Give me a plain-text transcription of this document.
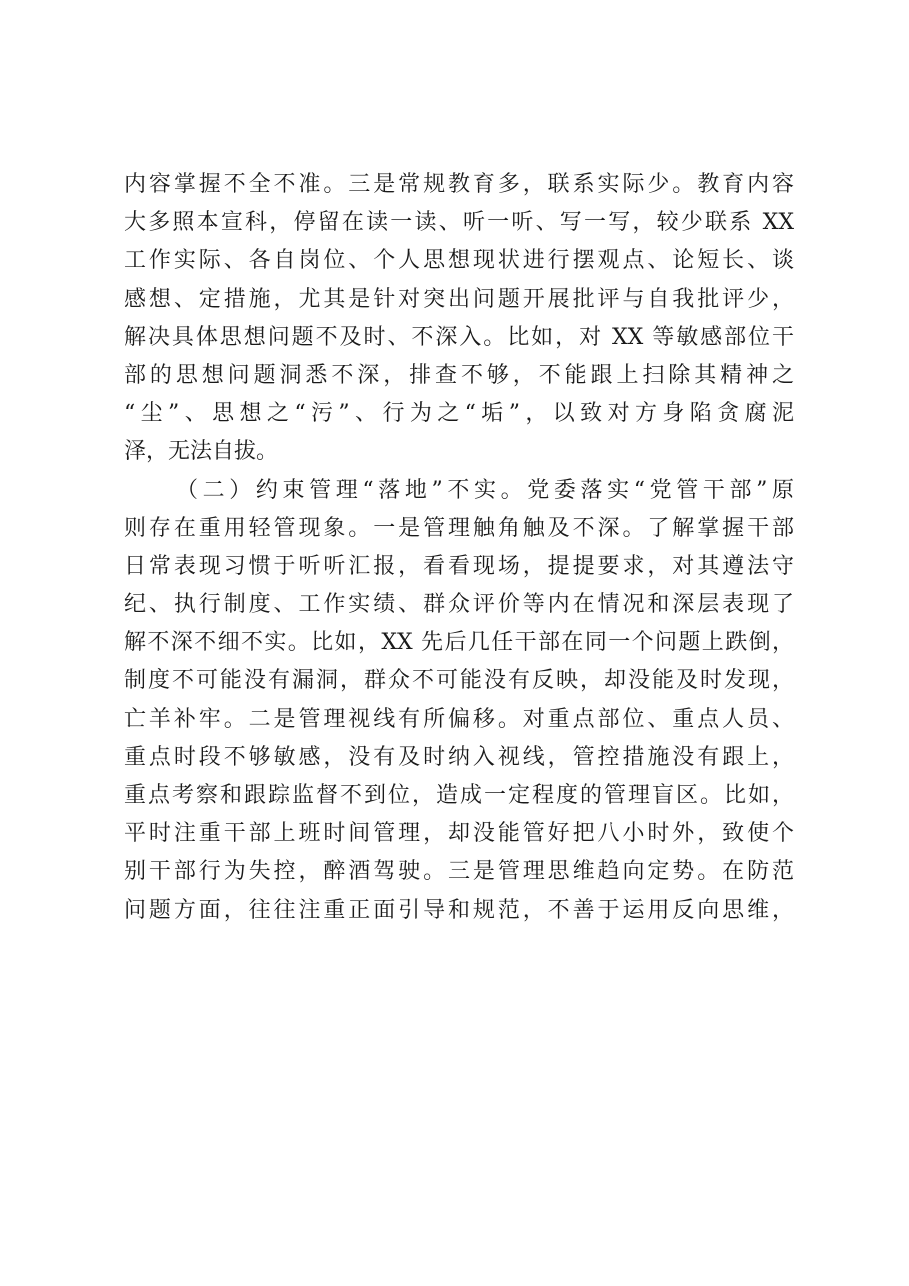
内容掌握不全不准。三是常规教育多，联系实际少。教育内容
大多照本宣科，停留在读一读、听一听、写一写，较少联系 XX
工作实际、各自岗位、个人思想现状进行摆观点、论短长、谈
感想、定措施，尤其是针对突出问题开展批评与自我批评少，
解决具体思想问题不及时、不深入。比如，对 XX 等敏感部位干
部的思想问题洞悉不深，排查不够，不能跟上扫除其精神之
“尘”、思想之“污”、行为之“垢”，以致对方身陷贪腐泥
泽，无法自拔。
（二）约束管理“落地”不实。党委落实“党管干部”原
则存在重用轻管现象。一是管理触角触及不深。了解掌握干部
日常表现习惯于听听汇报，看看现场，提提要求，对其遵法守
纪、执行制度、工作实绩、群众评价等内在情况和深层表现了
解不深不细不实。比如，XX 先后几任干部在同一个问题上跌倒，
制度不可能没有漏洞，群众不可能没有反映，却没能及时发现，
亡羊补牢。二是管理视线有所偏移。对重点部位、重点人员、
重点时段不够敏感，没有及时纳入视线，管控措施没有跟上，
重点考察和跟踪监督不到位，造成一定程度的管理盲区。比如，
平时注重干部上班时间管理，却没能管好把八小时外，致使个
别干部行为失控，醉酒驾驶。三是管理思维趋向定势。在防范
问题方面，往往注重正面引导和规范，不善于运用反向思维，
